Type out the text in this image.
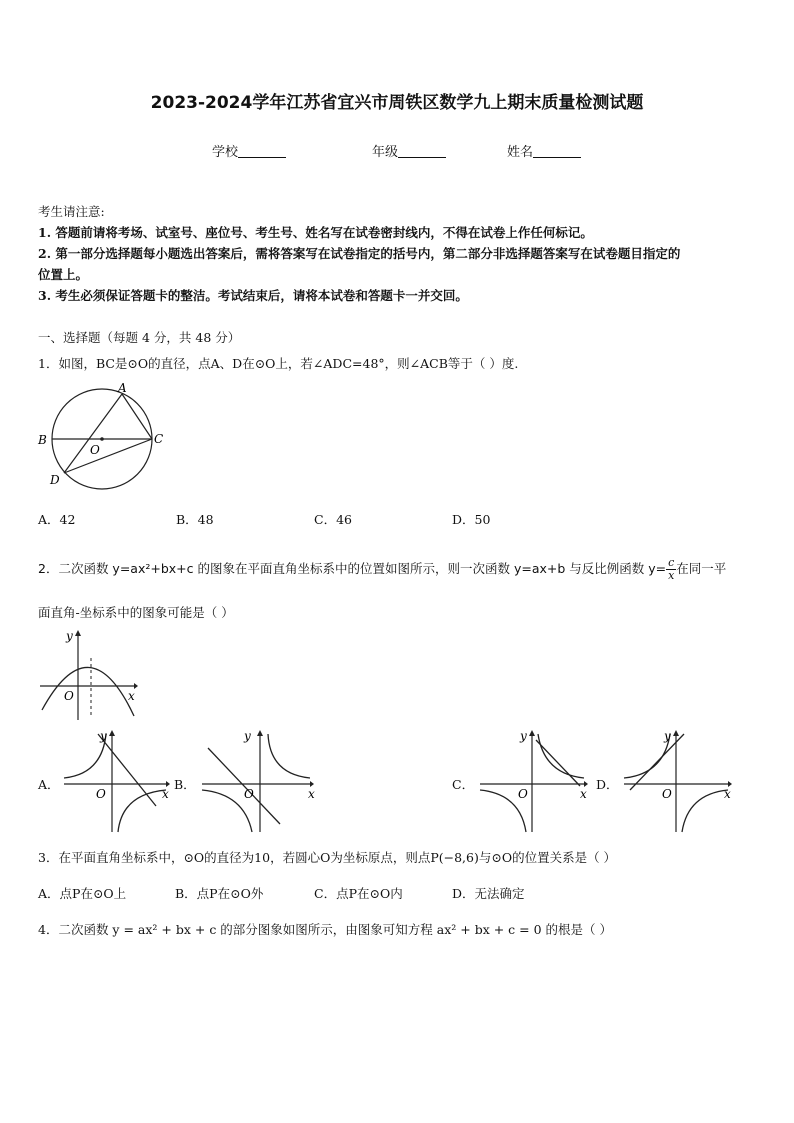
2023-2024学年江苏省宜兴市周铁区数学九上期末质量检测试题
学校	年级	姓名
考生请注意:
1. 答题前请将考场、试室号、座位号、考生号、姓名写在试卷密封线内，不得在试卷上作任何标记。
2. 第一部分选择题每小题选出答案后，需将答案写在试卷指定的括号内，第二部分非选择题答案写在试卷题目指定的
位置上。
3. 考生必须保证答题卡的整洁。考试结束后，请将本试卷和答题卡一并交回。
一、选择题（每题 4 分，共 48 分）
1．如图，BC是⊙O的直径，点A、D在⊙O上，若∠ADC=48°，则∠ACB等于（ ）度.
A
B	C
D
O
A．42	B．48	C．46	D．50
2．二次函数 y=ax²+bx+c 的图象在平面直角坐标系中的位置如图所示，则一次函数 y=ax+b 与反比例函数 $y= \frac{c}{x}$ 在同一平
面直角-坐标系中的图象可能是（ ）
y
x
O
A．
y
x
O
B．
y
x
O
C．
y
x
O
D．
y
x
O
3．在平面直角坐标系中，⊙O的直径为10，若圆心O为坐标原点，则点P(−8,6)与⊙O的位置关系是（ ）
A．点P在⊙O上	B．点P在⊙O外	C．点P在⊙O内	D．无法确定
4．二次函数 y = ax² + bx + c 的部分图象如图所示，由图象可知方程 ax² + bx + c = 0 的根是（ ）
